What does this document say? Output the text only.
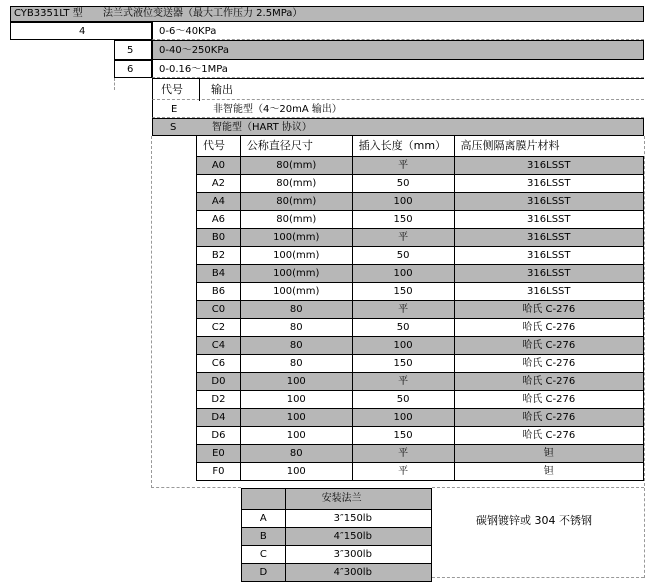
CYB3351LT 型 法兰式液位变送器（最大工作压力 2.5MPa）
4	0-6～40KPa
5	0-40～250KPa
6	0-0.16～1MPa
代号	输出
E	非智能型（4～20mA 输出）
S	智能型（HART 协议）
代号	公称直径尺寸	插入长度（mm）	高压侧隔离膜片材料
A0	80(mm)	平	316LSST
A2	80(mm)	50	316LSST
A4	80(mm)	100	316LSST
A6	80(mm)	150	316LSST
B0	100(mm)	平	316LSST
B2	100(mm)	50	316LSST
B4	100(mm)	100	316LSST
B6	100(mm)	150	316LSST
C0	80	平	哈氏 C-276
C2	80	50	哈氏 C-276
C4	80	100	哈氏 C-276
C6	80	150	哈氏 C-276
D0	100	平	哈氏 C-276
D2	100	50	哈氏 C-276
D4	100	100	哈氏 C-276
D6	100	150	哈氏 C-276
E0	80	平	钽
F0	100	平	钽
	安装法兰
A	3″150lb
B	4″150lb
C	3″300lb
D	4″300lb
碳钢镀锌或 304 不锈钢
